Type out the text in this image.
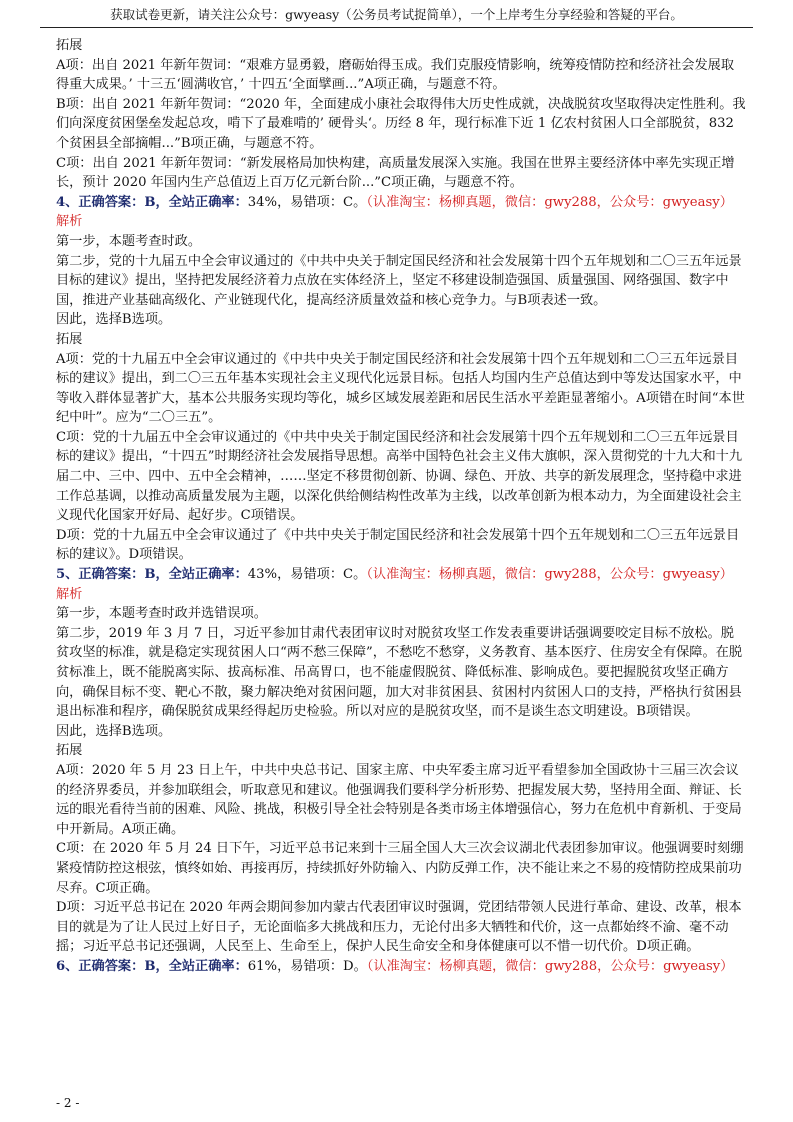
获取试卷更新，请关注公众号：gwyeasy（公务员考试捉简单），一个上岸考生分享经验和答疑的平台。

拓展

A项：出自 2021 年新年贺词：“艰难方显勇毅，磨砺始得玉成。我们克服疫情影响，统筹疫情防控和经济社会发展取得重大成果。’ 十三五‘圆满收官，’ 十四五‘全面擘画...”A项正确，与题意不符。

B项：出自 2021 年新年贺词：“2020 年，全面建成小康社会取得伟大历史性成就，决战脱贫攻坚取得决定性胜利。我们向深度贫困堡垒发起总攻，啃下了最难啃的’ 硬骨头‘。历经 8 年，现行标准下近 1 亿农村贫困人口全部脱贫，832 个贫困县全部摘帽...”B项正确，与题意不符。

C项：出自 2021 年新年贺词：“新发展格局加快构建，高质量发展深入实施。我国在世界主要经济体中率先实现正增长，预计 2020 年国内生产总值迈上百万亿元新台阶...”C项正确，与题意不符。

4、正确答案：B，全站正确率：34%，易错项：C。（认准淘宝：杨柳真题，微信：gwy288，公众号：gwyeasy）

解析

第一步，本题考查时政。

第二步，党的十九届五中全会审议通过的《中共中央关于制定国民经济和社会发展第十四个五年规划和二〇三五年远景目标的建议》提出，坚持把发展经济着力点放在实体经济上，坚定不移建设制造强国、质量强国、网络强国、数字中国，推进产业基础高级化、产业链现代化，提高经济质量效益和核心竞争力。与B项表述一致。

因此，选择B选项。

拓展

A项：党的十九届五中全会审议通过的《中共中央关于制定国民经济和社会发展第十四个五年规划和二〇三五年远景目标的建议》提出，到二〇三五年基本实现社会主义现代化远景目标。包括人均国内生产总值达到中等发达国家水平，中等收入群体显著扩大，基本公共服务实现均等化，城乡区域发展差距和居民生活水平差距显著缩小。A项错在时间“本世纪中叶”。应为“二〇三五”。

C项：党的十九届五中全会审议通过的《中共中央关于制定国民经济和社会发展第十四个五年规划和二〇三五年远景目标的建议》提出，“十四五”时期经济社会发展指导思想。高举中国特色社会主义伟大旗帜，深入贯彻党的十九大和十九届二中、三中、四中、五中全会精神，……坚定不移贯彻创新、协调、绿色、开放、共享的新发展理念，坚持稳中求进工作总基调，以推动高质量发展为主题，以深化供给侧结构性改革为主线，以改革创新为根本动力，为全面建设社会主义现代化国家开好局、起好步。C项错误。

D项：党的十九届五中全会审议通过了《中共中央关于制定国民经济和社会发展第十四个五年规划和二〇三五年远景目标的建议》。D项错误。

5、正确答案：B，全站正确率：43%，易错项：C。（认准淘宝：杨柳真题，微信：gwy288，公众号：gwyeasy）

解析

第一步，本题考查时政并选错误项。

第二步，2019 年 3 月 7 日，习近平参加甘肃代表团审议时对脱贫攻坚工作发表重要讲话强调要咬定目标不放松。脱贫攻坚的标准，就是稳定实现贫困人口“两不愁三保障”，不愁吃不愁穿，义务教育、基本医疗、住房安全有保障。在脱贫标准上，既不能脱离实际、拔高标准、吊高胃口，也不能虚假脱贫、降低标准、影响成色。要把握脱贫攻坚正确方向，确保目标不变、靶心不散，聚力解决绝对贫困问题，加大对非贫困县、贫困村内贫困人口的支持，严格执行贫困县退出标准和程序，确保脱贫成果经得起历史检验。所以对应的是脱贫攻坚，而不是谈生态文明建设。B项错误。

因此，选择B选项。

拓展

A项：2020 年 5 月 23 日上午，中共中央总书记、国家主席、中央军委主席习近平看望参加全国政协十三届三次会议的经济界委员，并参加联组会，听取意见和建议。他强调我们要科学分析形势、把握发展大势，坚持用全面、辩证、长远的眼光看待当前的困难、风险、挑战，积极引导全社会特别是各类市场主体增强信心，努力在危机中育新机、于变局中开新局。A项正确。

C项：在 2020 年 5 月 24 日下午，习近平总书记来到十三届全国人大三次会议湖北代表团参加审议。他强调要时刻绷紧疫情防控这根弦，慎终如始、再接再厉，持续抓好外防输入、内防反弹工作，决不能让来之不易的疫情防控成果前功尽弃。C项正确。

D项：习近平总书记在 2020 年两会期间参加内蒙古代表团审议时强调，党团结带领人民进行革命、建设、改革，根本目的就是为了让人民过上好日子，无论面临多大挑战和压力，无论付出多大牺牲和代价，这一点都始终不渝、毫不动摇；习近平总书记还强调，人民至上、生命至上，保护人民生命安全和身体健康可以不惜一切代价。D项正确。

6、正确答案：B，全站正确率：61%，易错项：D。（认准淘宝：杨柳真题，微信：gwy288，公众号：gwyeasy）

- 2 -
